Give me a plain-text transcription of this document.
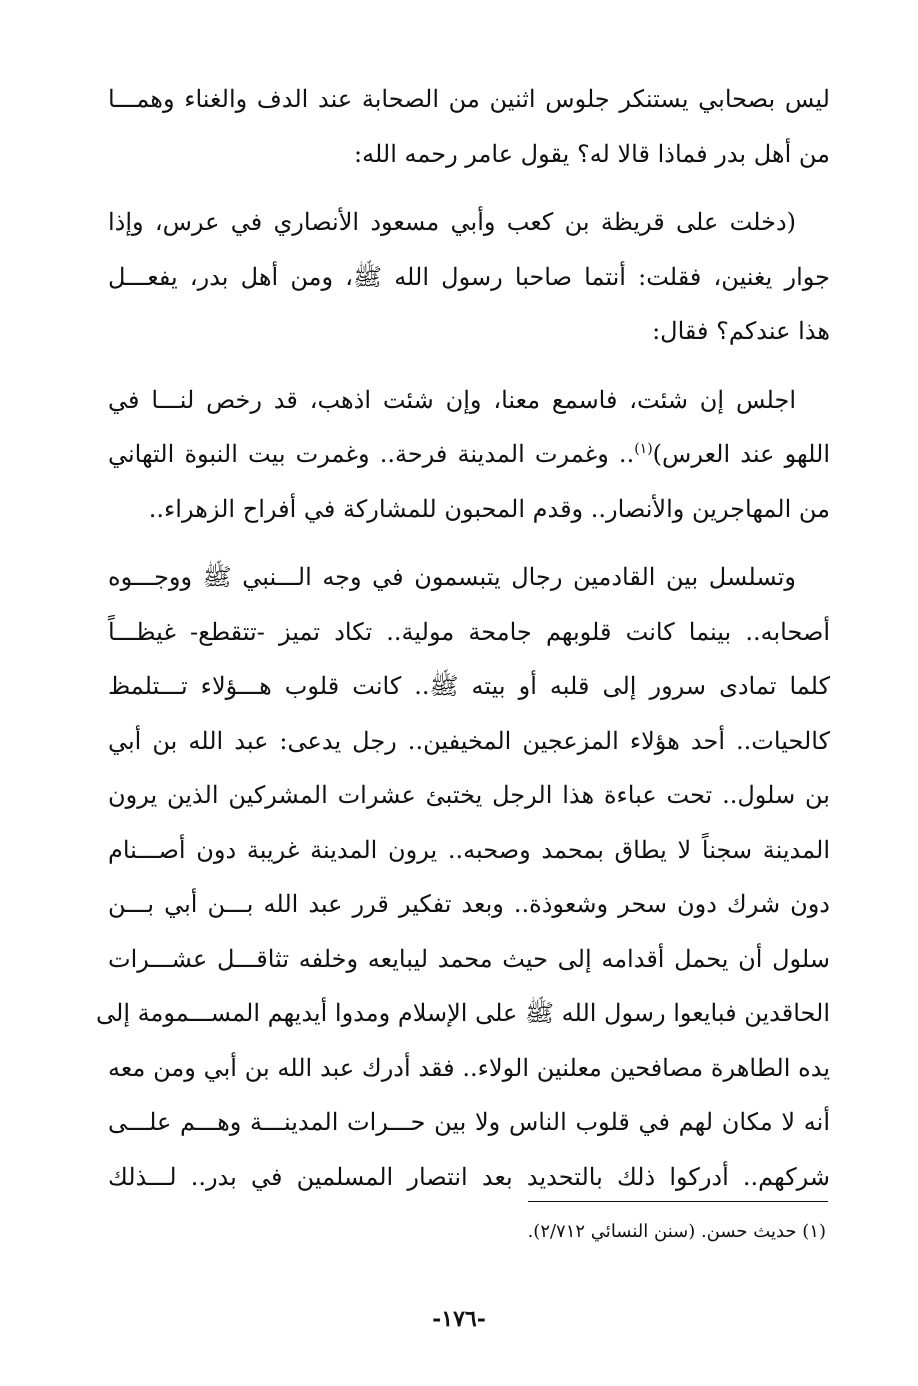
ليس بصحابي يستنكر جلوس اثنين من الصحابة عند الدف والغناء وهمـــا
من أهل بدر فماذا قالا له؟ يقول عامر رحمه الله:

(دخلت على قريظة بن كعب وأبي مسعود الأنصاري في عرس، وإذا
جوار يغنين، فقلت: أنتما صاحبا رسول الله ﷺ، ومن أهل بدر، يفعـــل
هذا عندكم؟ فقال:

اجلس إن شئت، فاسمع معنا، وإن شئت اذهب، قد رخص لنـــا في
اللهو عند العرس)$^{(١)}$.. وغمرت المدينة فرحة.. وغمرت بيت النبوة التهاني
من المهاجرين والأنصار.. وقدم المحبون للمشاركة في أفراح الزهراء..

وتسلسل بين القادمين رجال يتبسمون في وجه الـــنبي ﷺ ووجـــوه
أصحابه.. بينما كانت قلوبهم جامحة مولية.. تكاد تميز -تتقطع- غيظـــاً
كلما تمادى سرور إلى قلبه أو بيته ﷺ.. كانت قلوب هـــؤلاء تـــتلمظ
كالحيات.. أحد هؤلاء المزعجين المخيفين.. رجل يدعى: عبد الله بن أبي
بن سلول.. تحت عباءة هذا الرجل يختبئ عشرات المشركين الذين يرون
المدينة سجناً لا يطاق بمحمد وصحبه.. يرون المدينة غريبة دون أصـــنام
دون شرك دون سحر وشعوذة.. وبعد تفكير قرر عبد الله بـــن أبي بـــن
سلول أن يحمل أقدامه إلى حيث محمد ليبايعه وخلفه تثاقـــل عشـــرات
الحاقدين فبايعوا رسول الله ﷺ على الإسلام ومدوا أيديهم المســـمومة إلى
يده الطاهرة مصافحين معلنين الولاء.. فقد أدرك عبد الله بن أبي ومن معه
أنه لا مكان لهم في قلوب الناس ولا بين حـــرات المدينـــة وهـــم علـــى
شركهم.. أدركوا ذلك بالتحديد بعد انتصار المسلمين في بدر.. لـــذلك

(١) حديث حسن. (سنن النسائي ٢/٧١٢).
-١٧٦-
